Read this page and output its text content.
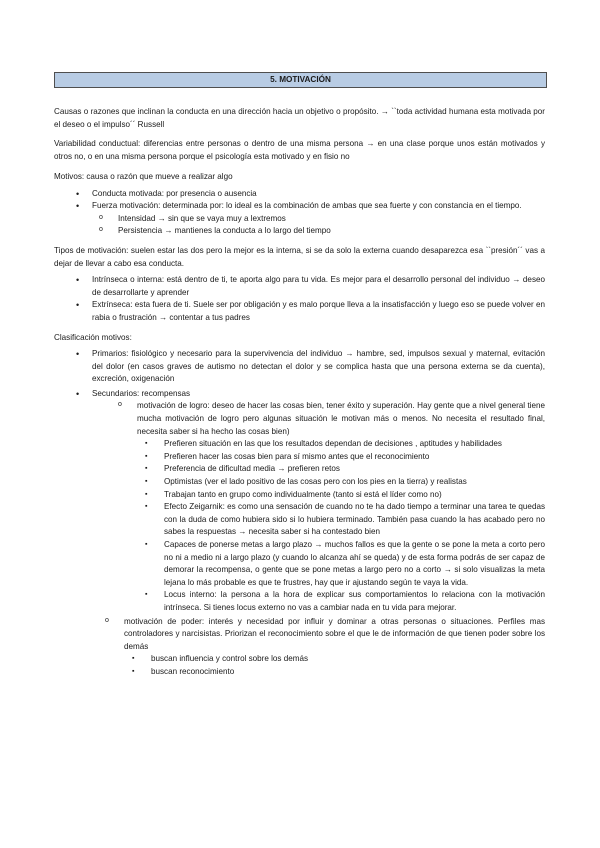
5. MOTIVACIÓN

Causas o razones que inclinan la conducta en una dirección hacia un objetivo o propósito. → ``toda actividad humana esta motivada por el deseo o el impulso´´ Russell

Variabilidad conductual: diferencias entre personas o dentro de una misma persona → en una clase porque unos están motivados y otros no, o en una misma persona porque el psicología esta motivado y en fisio no

Motivos: causa o razón que mueve a realizar algo

• Conducta motivada: por presencia o ausencia
• Fuerza motivación: determinada por: lo ideal es la combinación de ambas que sea fuerte y con constancia en el tiempo.
o Intensidad → sin que se vaya muy a lextremos
o Persistencia → mantienes la conducta a lo largo del tiempo

Tipos de motivación: suelen estar las dos pero la mejor es la interna, si se da solo la externa cuando desaparezca esa ``presión´´ vas a dejar de llevar a cabo esa conducta.

• Intrínseca o interna: está dentro de ti, te aporta algo para tu vida. Es mejor para el desarrollo personal del individuo → deseo de desarrollarte y aprender
• Extrínseca: esta fuera de ti. Suele ser por obligación y es malo porque lleva a la insatisfacción y luego eso se puede volver en rabia o frustración → contentar a tus padres

Clasificación motivos:

• Primarios: fisiológico y necesario para la supervivencia del individuo → hambre, sed, impulsos sexual y maternal, evitación del dolor (en casos graves de autismo no detectan el dolor y se complica hasta que una persona externa se da cuenta), excreción, oxigenación
• Secundarios: recompensas
o motivación de logro: deseo de hacer las cosas bien, tener éxito y superación. Hay gente que a nivel general tiene mucha motivación de logro pero algunas situación le motivan más o menos. No necesita el resultado final, necesita saber si ha hecho las cosas bien)
▪ Prefieren situación en las que los resultados dependan de decisiones , aptitudes y habilidades
▪ Prefieren hacer las cosas bien para sí mismo antes que el reconocimiento
▪ Preferencia de dificultad media → prefieren retos
▪ Optimistas (ver el lado positivo de las cosas pero con los pies en la tierra) y realistas
▪ Trabajan tanto en grupo como individualmente (tanto si está el líder como no)
▪ Efecto Zeigarnik: es como una sensación de cuando no te ha dado tiempo a terminar una tarea te quedas con la duda de como hubiera sido si lo hubiera terminado. También pasa cuando la has acabado pero no sabes la respuestas → necesita saber si ha contestado bien
▪ Capaces de ponerse metas a largo plazo → muchos fallos es que la gente o se pone la meta a corto pero no ni a medio ni a largo plazo (y cuando lo alcanza ahí se queda) y de esta forma podrás de ser capaz de demorar la recompensa, o gente que se pone metas a largo pero no a corto → si solo visualizas la meta lejana lo más probable es que te frustres, hay que ir ajustando según te vaya la vida.
▪ Locus interno: la persona a la hora de explicar sus comportamientos lo relaciona con la motivación intrínseca. Si tienes locus externo no vas a cambiar nada en tu vida para mejorar.
o motivación de poder: interés y necesidad por influir y dominar a otras personas o situaciones. Perfiles mas controladores y narcisistas. Priorizan el reconocimiento sobre el que le de información de que tienen poder sobre los demás
▪ buscan influencia y control sobre los demás
▪ buscan reconocimiento
